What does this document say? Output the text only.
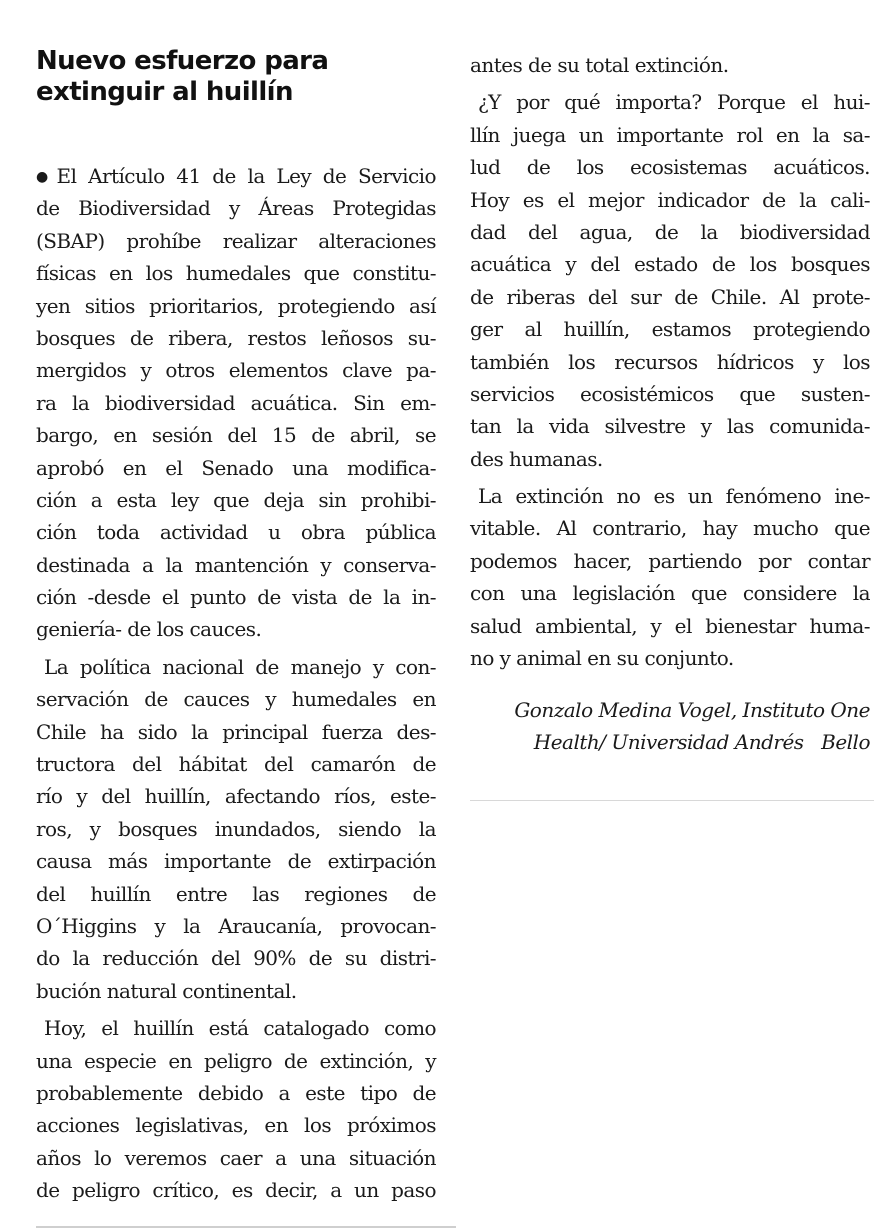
Nuevo esfuerzo para
extinguir al huillín
● El Artículo 41 de la Ley de Servicio
de Biodiversidad y Áreas Protegidas
(SBAP) prohíbe realizar alteraciones
físicas en los humedales que constitu-
yen sitios prioritarios, protegiendo así
bosques de ribera, restos leñosos su-
mergidos y otros elementos clave pa-
ra la biodiversidad acuática. Sin em-
bargo, en sesión del 15 de abril, se
aprobó en el Senado una modifica-
ción a esta ley que deja sin prohibi-
ción toda actividad u obra pública
destinada a la mantención y conserva-
ción -desde el punto de vista de la in-
geniería- de los cauces.
La política nacional de manejo y con-
servación de cauces y humedales en
Chile ha sido la principal fuerza des-
tructora del hábitat del camarón de
río y del huillín, afectando ríos, este-
ros, y bosques inundados, siendo la
causa más importante de extirpación
del huillín entre las regiones de
O´Higgins y la Araucanía, provocan-
do la reducción del 90% de su distri-
bución natural continental.
Hoy, el huillín está catalogado como
una especie en peligro de extinción, y
probablemente debido a este tipo de
acciones legislativas, en los próximos
años lo veremos caer a una situación
de peligro crítico, es decir, a un paso
antes de su total extinción.
¿Y por qué importa? Porque el hui-
llín juega un importante rol en la sa-
lud de los ecosistemas acuáticos.
Hoy es el mejor indicador de la cali-
dad del agua, de la biodiversidad
acuática y del estado de los bosques
de riberas del sur de Chile. Al prote-
ger al huillín, estamos protegiendo
también los recursos hídricos y los
servicios ecosistémicos que susten-
tan la vida silvestre y las comunida-
des humanas.
La extinción no es un fenómeno ine-
vitable. Al contrario, hay mucho que
podemos hacer, partiendo por contar
con una legislación que considere la
salud ambiental, y el bienestar huma-
no y animal en su conjunto.
Gonzalo Medina Vogel, Instituto One
Health/ Universidad Andrés   Bello
